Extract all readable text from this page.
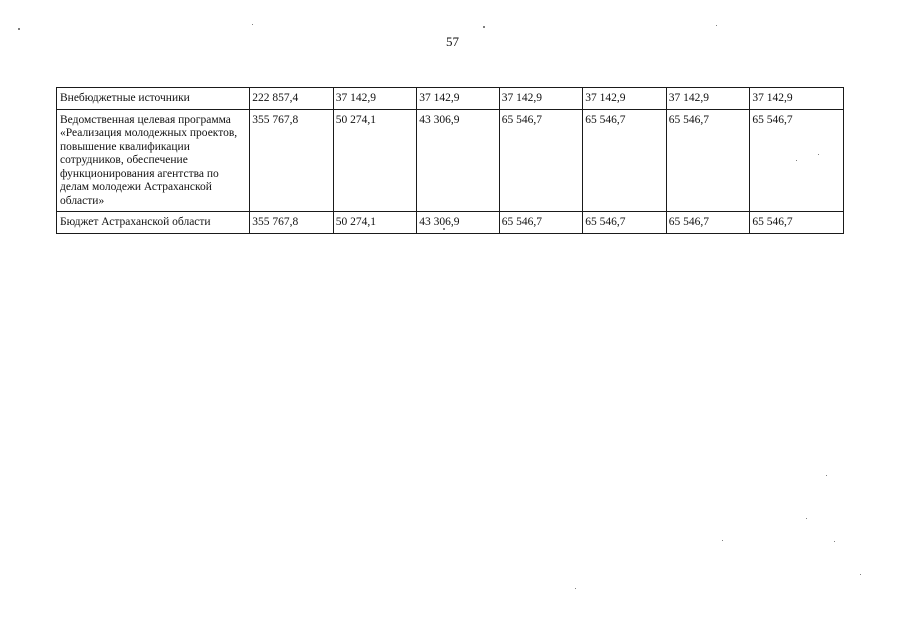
57
Внебюджетные источники	222 857,4	37 142,9	37 142,9	37 142,9	37 142,9	37 142,9	37 142,9
Ведомственная целевая программа «Реализация молодежных проектов, повышение квалификации сотрудников, обеспечение функционирования агентства по делам молодежи Астраханской области»	355 767,8	50 274,1	43 306,9	65 546,7	65 546,7	65 546,7	65 546,7
Бюджет Астраханской области	355 767,8	50 274,1	43 306,9	65 546,7	65 546,7	65 546,7	65 546,7
